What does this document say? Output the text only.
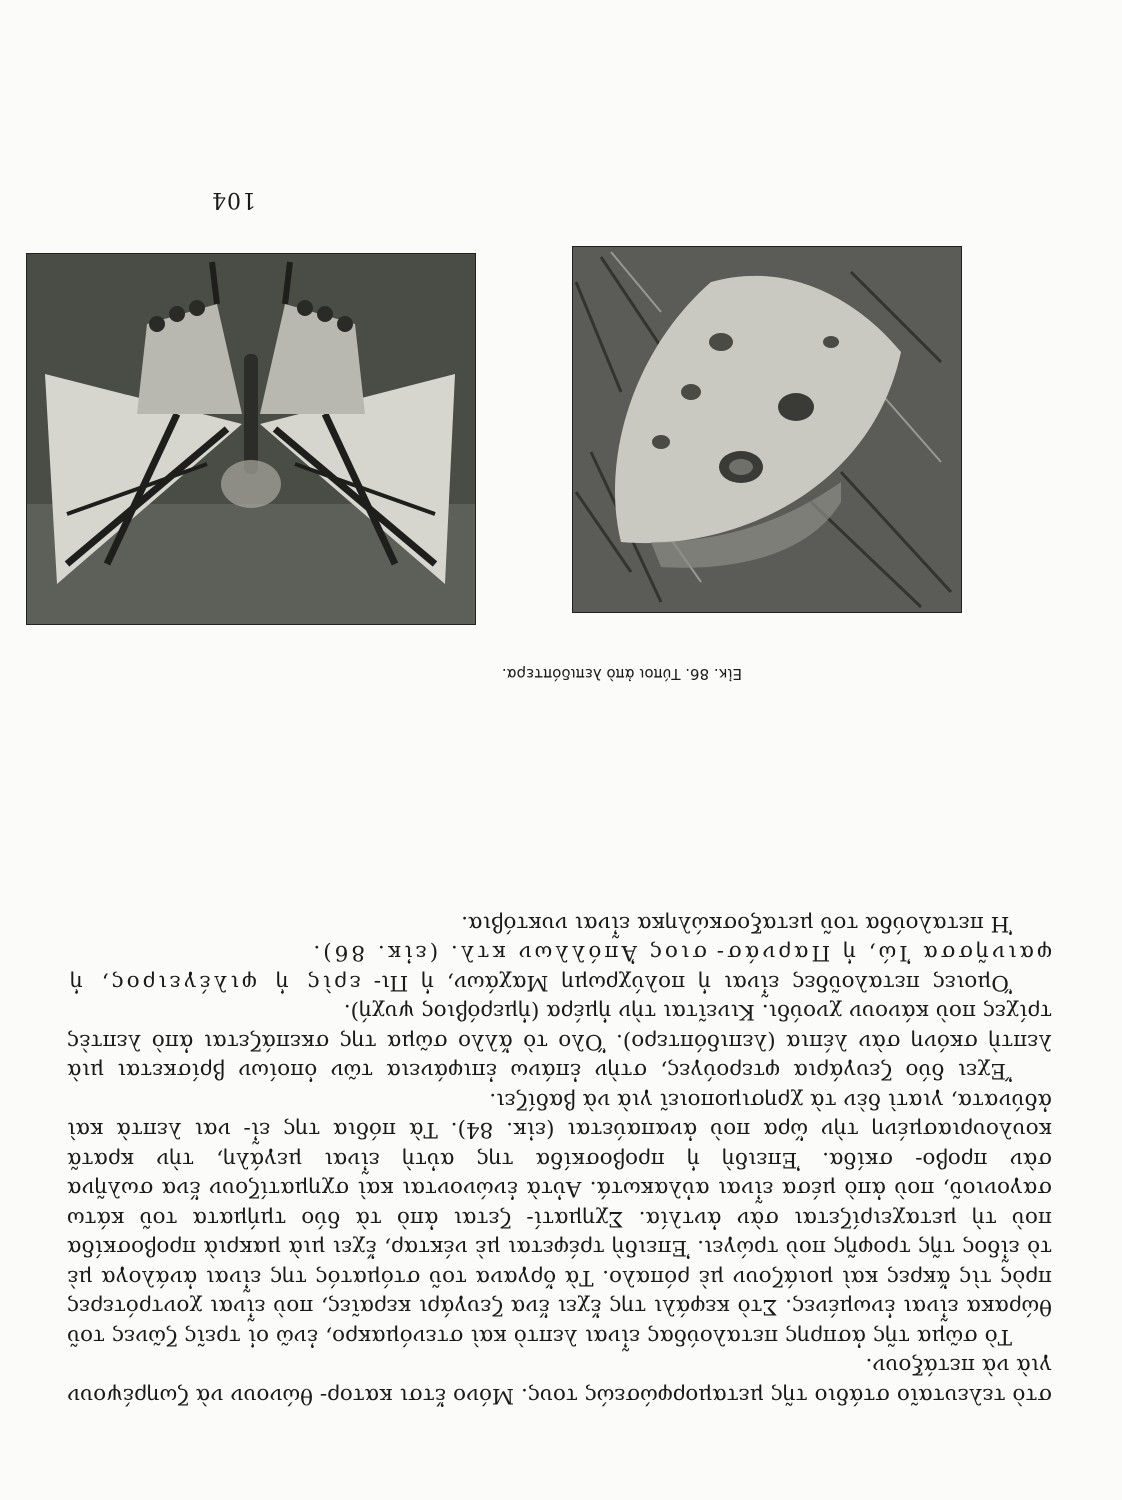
104
Εἰκ. 86. Τύποι ἀπὸ λεπιδόπτερα.

στὸ τελευταῖο στάδιο τῆς μεταμορφώσεώς τους. Μόνο ἔτσι κατορ- θώνουν νὰ ζωηρέψουν γιὰ νὰ πετάξουν.

Τὸ σῶμα τῆς ἀσπρης πεταλούδας εἶναι λεπτὸ καὶ στενόμακρο, ἐνῶ οἱ τρεῖς ζῶνες τοῦ θώρακα εἶναι ἑνωμένες. Στὸ κεφάλι της ἔχει ἕνα ζευγάρι κεραῖες, ποὺ εἶναι χοντρότερες πρὸς τὶς ἄκρες καὶ μοιάζουν μὲ ρόπαλο. Τὰ ὄργανα τοῦ στόματός της εἶναι ἀνάλογα μὲ τὸ εἶδος τῆς τροφῆς ποὺ τρώγει. Ἐπειδὴ τρέφεται μὲ νέκταρ, ἔχει μιὰ μακριὰ προβοσκίδα ποὺ τὴ μεταχειρίζεται σὰν ἀντλία. Σχηματί- ζεται ἀπὸ τὰ δύο τμήματα τοῦ κάτω σαγονιοῦ, ποὺ ἀπὸ μέσα εἶναι αὐλακωτά. Αὐτὰ ἑνώνονται καὶ σχηματίζουν ἕνα σωλῆνα σὰν προβο- σκίδα. Ἐπειδὴ ἡ προβοσκίδα της αὐτὴ εἶναι μεγάλη, τὴν κρατᾶ κουλουριασμένη τὴν ὥρα ποὺ ἀναπαύεται (εἰκ. 84). Τὰ πόδια της εἶ- ναι λεπτὰ καὶ ἀδύνατα, γιατὶ δὲν τὰ χρησιμοποιεῖ γιὰ νὰ βαδίζει.

Ἔχει δύο ζευγάρια φτερούγες, στὴν ἐπάνω ἐπιφάνεια τῶν ὁποίων βρίσκεται μιὰ λεπτὴ σκόνη σὰν λέπια (λεπιδόπτερο). Ὅλο τὸ ἄλλο σῶμα της σκεπάζεται ἀπὸ λεπτὲς τρίχες ποὺ κάνουν χνούδι. Κινεῖται τὴν ἡμέρα (ἡμερόβιος ψυχή).

Ὅμοιες πεταλοῦδες εἶναι ἡ πολύχρωμη Μαχάων, ἡ Πι- ερὶς ἡ φιλέγειρος, ἡ φαινῆσσα Ἰώ, ἡ Παρνάσ- σιος Ἀπόλλων κτλ. (εἰκ. 86).

Ἡ πεταλούδα τοῦ μεταξοσκώληκα εἶναι νυκτόβια.
